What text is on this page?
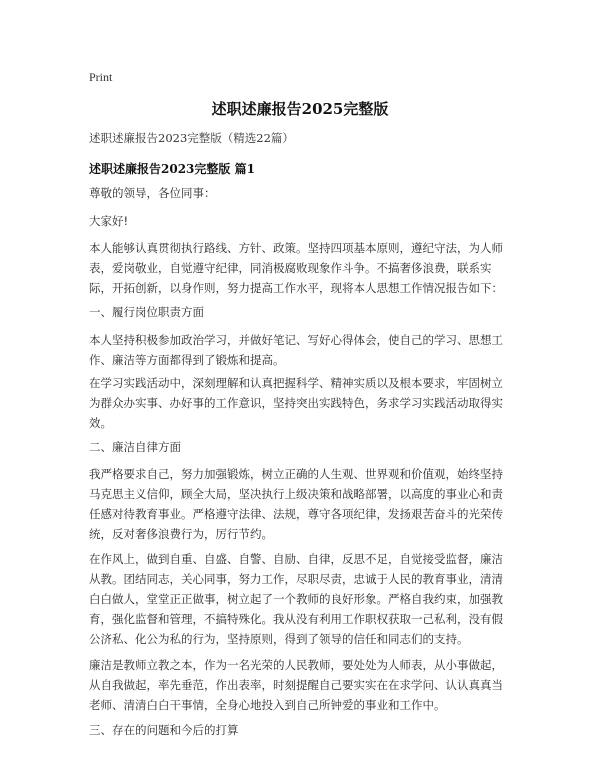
Print
述职述廉报告2025完整版
述职述廉报告2023完整版（精选22篇）
述职述廉报告2023完整版 篇1
尊敬的领导，各位同事：
大家好!
本人能够认真贯彻执行路线、方针、政策。坚持四项基本原则，遵纪守法，为人师
表，爱岗敬业，自觉遵守纪律，同消极腐败现象作斗争。不搞奢侈浪费，联系实
际，开拓创新，以身作则，努力提高工作水平，现将本人思想工作情况报告如下：
一、履行岗位职责方面
本人坚持积极参加政治学习，并做好笔记、写好心得体会，使自己的学习、思想工
作、廉洁等方面都得到了锻炼和提高。
在学习实践活动中，深刻理解和认真把握科学、精神实质以及根本要求，牢固树立
为群众办实事、办好事的工作意识，坚持突出实践特色，务求学习实践活动取得实
效。
二、廉洁自律方面
我严格要求自己，努力加强锻炼，树立正确的人生观、世界观和价值观，始终坚持
马克思主义信仰，顾全大局，坚决执行上级决策和战略部署，以高度的事业心和责
任感对待教育事业。严格遵守法律、法规，尊守各项纪律，发扬艰苦奋斗的光荣传
统，反对奢侈浪费行为，厉行节约。
在作风上，做到自重、自盛、自警、自励、自律，反思不足，自觉接受监督，廉洁
从教。团结同志，关心同事，努力工作，尽职尽责，忠诚于人民的教育事业，清清
白白做人，堂堂正正做事，树立起了一个教师的良好形象。严格自我约束，加强教
育，强化监督和管理，不搞特殊化。我从没有利用工作职权获取一己私利，没有假
公济私、化公为私的行为，坚持原则，得到了领导的信任和同志们的支持。
廉洁是教师立教之本，作为一名光荣的人民教师，要处处为人师表，从小事做起，
从自我做起，率先垂范，作出表率，时刻提醒自己要实实在在求学问、认认真真当
老师、清清白白干事情，全身心地投入到自己所钟爱的事业和工作中。
三、存在的问题和今后的打算
